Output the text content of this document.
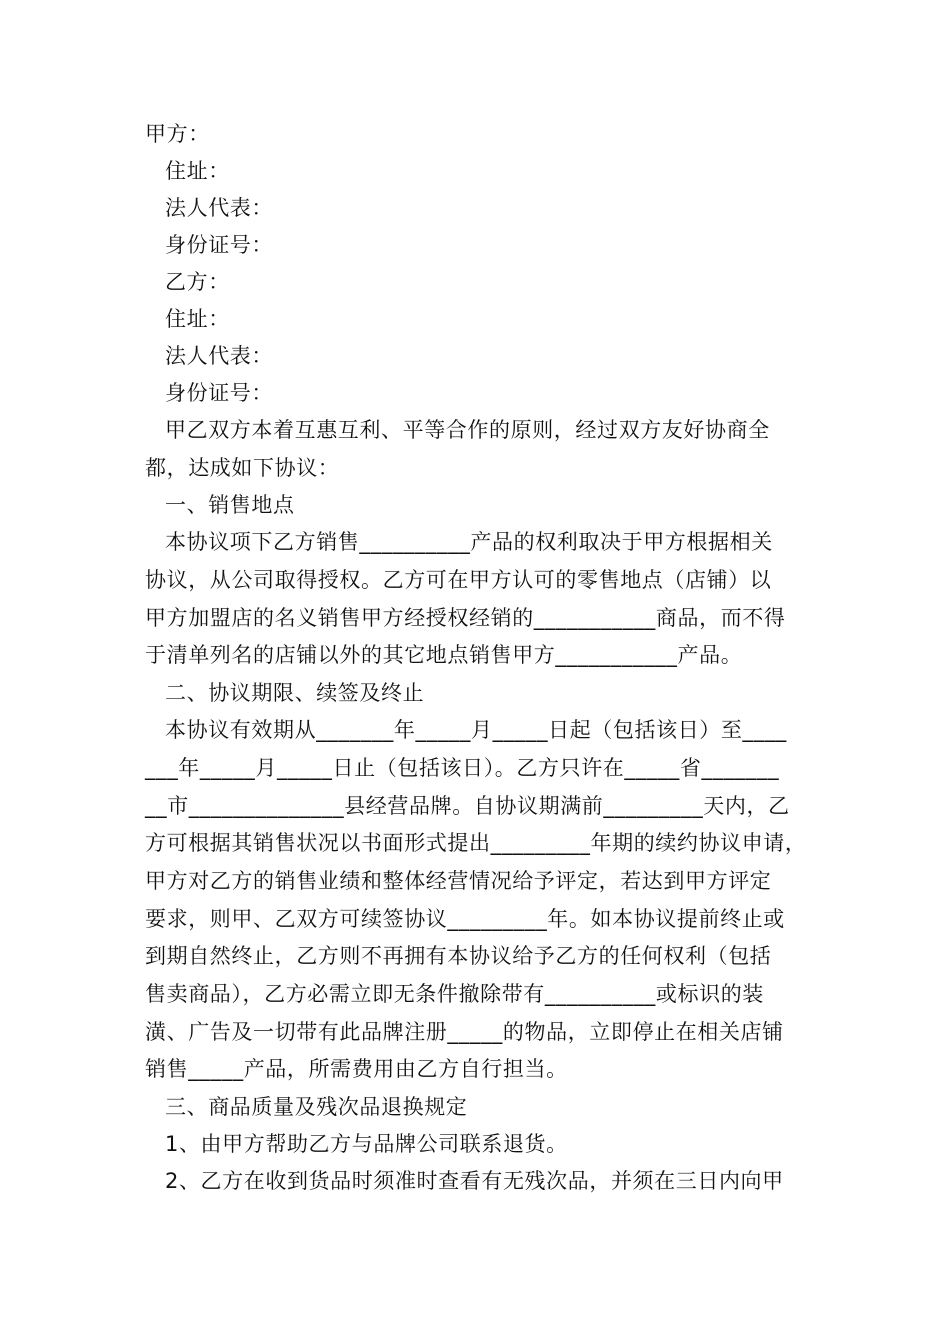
甲方：
住址：
法人代表：
身份证号：
乙方：
住址：
法人代表：
身份证号：
甲乙双方本着互惠互利、平等合作的原则，经过双方友好协商全
都，达成如下协议：
一、销售地点
本协议项下乙方销售__________产品的权利取决于甲方根据相关
协议，从公司取得授权。乙方可在甲方认可的零售地点（店铺）以
甲方加盟店的名义销售甲方经授权经销的___________商品，而不得
于清单列名的店铺以外的其它地点销售甲方___________产品。
二、协议期限、续签及终止
本协议有效期从_______年_____月_____日起（包括该日）至____
___年_____月_____日止（包括该日）。乙方只许在_____省_______
__市______________县经营品牌。自协议期满前_________天内，乙
方可根据其销售状况以书面形式提出_________年期的续约协议申请，
甲方对乙方的销售业绩和整体经营情况给予评定，若达到甲方评定
要求，则甲、乙双方可续签协议_________年。如本协议提前终止或
到期自然终止，乙方则不再拥有本协议给予乙方的任何权利（包括
售卖商品），乙方必需立即无条件撤除带有__________或标识的装
潢、广告及一切带有此品牌注册_____的物品，立即停止在相关店铺
销售_____产品，所需费用由乙方自行担当。
三、商品质量及残次品退换规定
1、由甲方帮助乙方与品牌公司联系退货。
2、乙方在收到货品时须准时查看有无残次品，并须在三日内向甲
